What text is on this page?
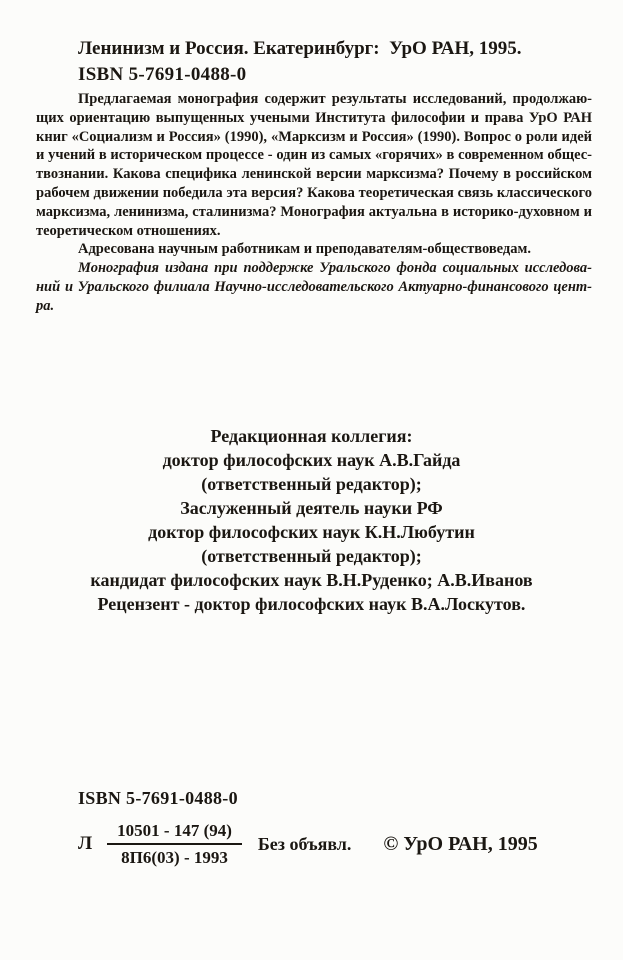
Ленинизм и Россия. Екатеринбург:  УрО РАН, 1995.
ISBN 5-7691-0488-0
Предлагаемая монография содержит результаты исследований, продолжаю-
щих ориентацию выпущенных учеными Института философии и права УрО РАН
книг «Социализм и Россия» (1990), «Марксизм и Россия» (1990). Вопрос о роли идей
и учений в историческом процессе - один из самых «горячих» в современном общес-
твознании. Какова специфика ленинской версии марксизма? Почему в российском
рабочем движении победила эта версия? Какова теоретическая связь классического
марксизма, ленинизма, сталинизма? Монография актуальна в историко-духовном и
теоретическом отношениях.
Адресована научным работникам и преподавателям-обществоведам.
Монография издана при поддержке Уральского фонда социальных исследова-
ний и Уральского филиала Научно-исследовательского Актуарно-финансового цент-
ра.
Редакционная коллегия:
доктор философских наук А.В.Гайда
(ответственный редактор);
Заслуженный деятель науки РФ
доктор философских наук К.Н.Любутин
(ответственный редактор);
кандидат философских наук В.Н.Руденко; А.В.Иванов
Рецензент - доктор философских наук В.А.Лоскутов.
ISBN 5-7691-0488-0
Л $\frac{10501 - 147 (94)}{8П6(03) - 1993}$ Без объявл. © УрО РАН, 1995
